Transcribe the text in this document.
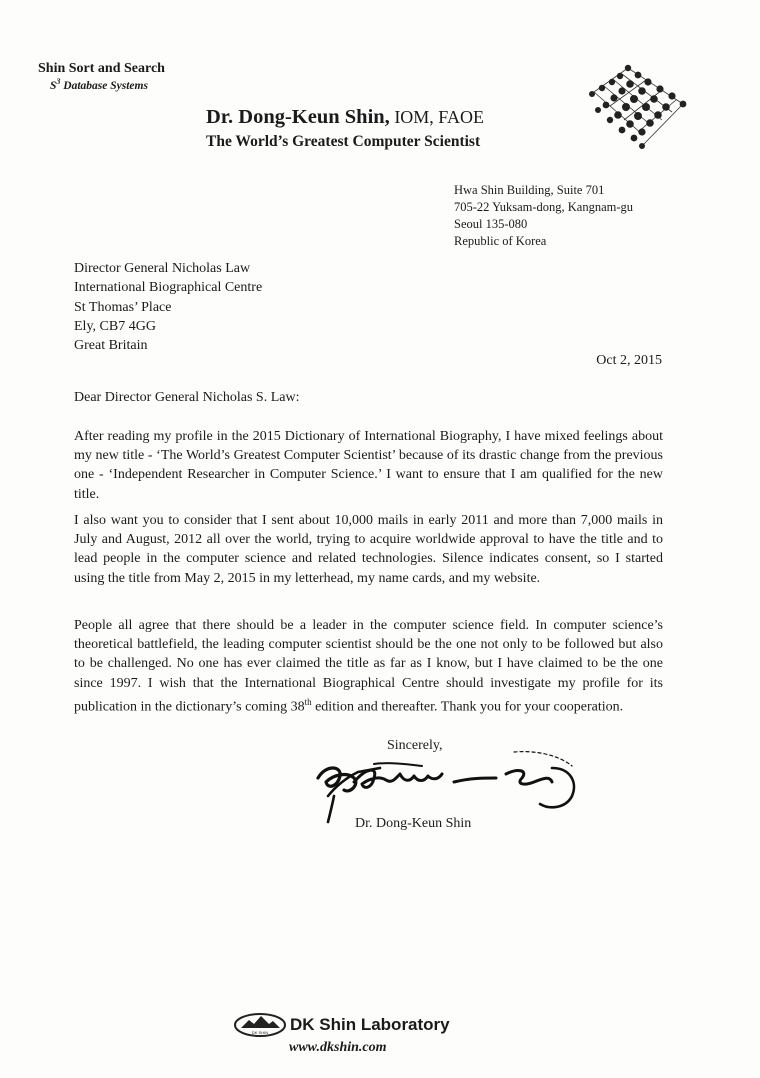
Shin Sort and Search
$S^3$ Database Systems
Dr. Dong-Keun Shin, IOM, FAOE
The World’s Greatest Computer Scientist
Hwa Shin Building, Suite 701
705-22 Yuksam-dong, Kangnam-gu
Seoul 135-080
Republic of Korea
Director General Nicholas Law
International Biographical Centre
St Thomas’ Place
Ely, CB7 4GG
Great Britain
Oct 2, 2015
Dear Director General Nicholas S. Law:
After reading my profile in the 2015 Dictionary of International Biography, I have mixed feelings about my new title - ‘The World’s Greatest Computer Scientist’ because of its drastic change from the previous one - ‘Independent Researcher in Computer Science.’ I want to ensure that I am qualified for the new title.
I also want you to consider that I sent about 10,000 mails in early 2011 and more than 7,000 mails in July and August, 2012 all over the world, trying to acquire worldwide approval to have the title and to lead people in the computer science and related technologies. Silence indicates consent, so I started using the title from May 2, 2015 in my letterhead, my name cards, and my website.
People all agree that there should be a leader in the computer science field. In computer science’s theoretical battlefield, the leading computer scientist should be the one not only to be followed but also to be challenged. No one has ever claimed the title as far as I know, but I have claimed to be the one since 1997. I wish that the International Biographical Centre should investigate my profile for its publication in the dictionary’s coming 38th edition and thereafter. Thank you for your cooperation.
Sincerely,
Dr. Dong-Keun Shin
DK SHIN DK Shin Laboratory
www.dkshin.com
